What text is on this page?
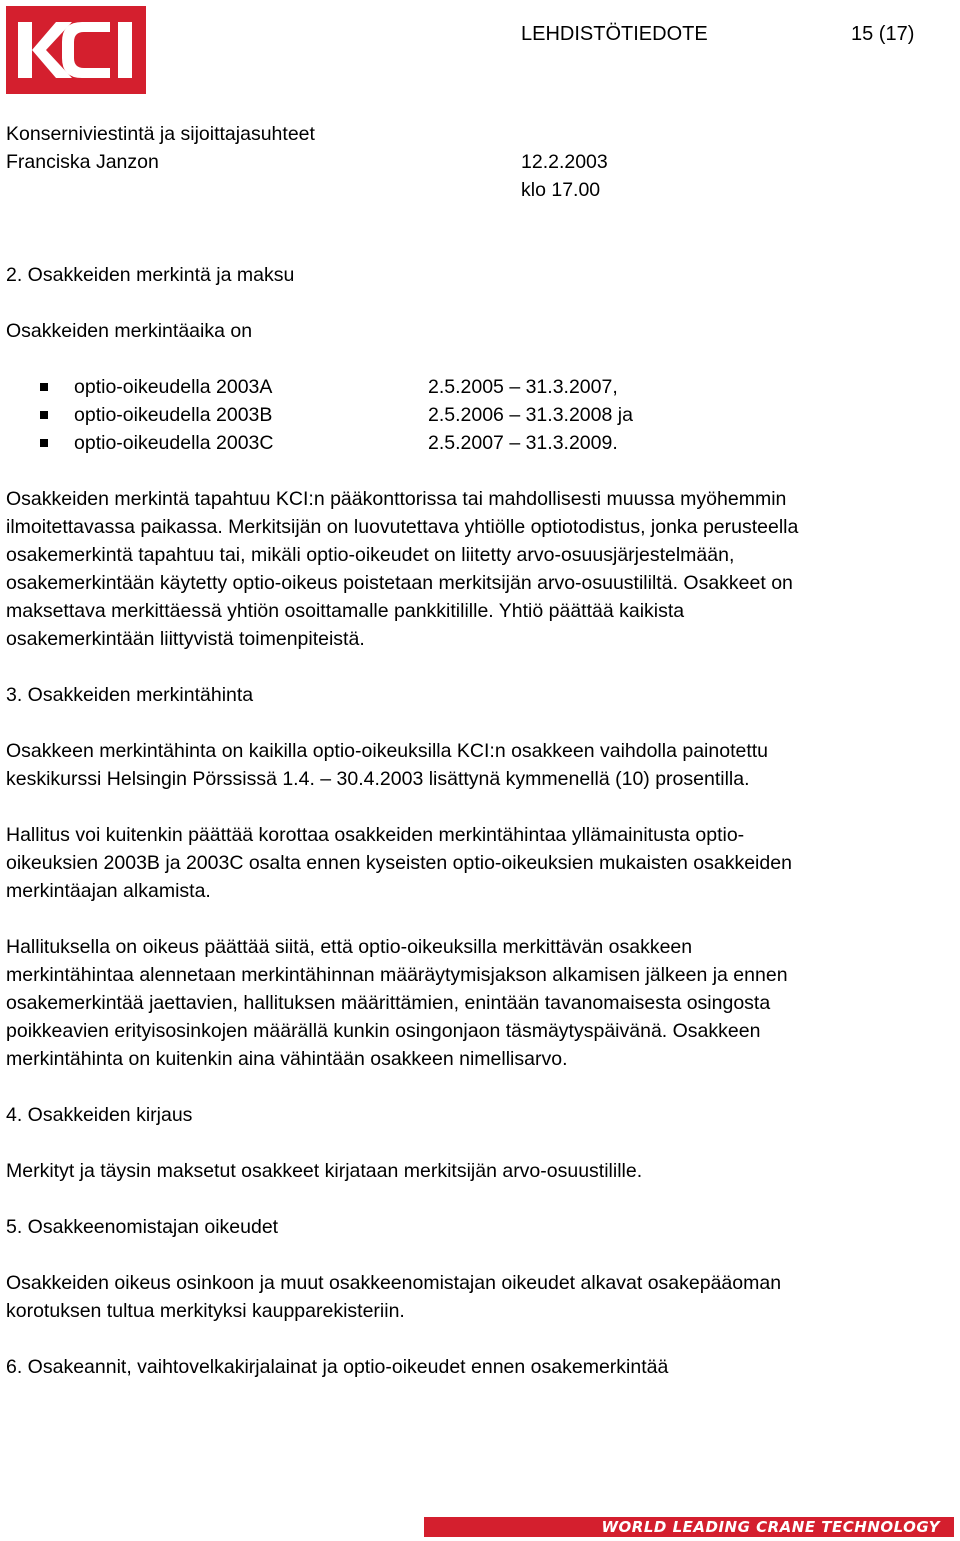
LEHDISTÖTIEDOTE	15 (17)
Konserniviestintä ja sijoittajasuhteet
Franciska Janzon	12.2.2003
klo 17.00
2. Osakkeiden merkintä ja maksu
Osakkeiden merkintäaika on
optio-oikeudella 2003A	2.5.2005 – 31.3.2007,
optio-oikeudella 2003B	2.5.2006 – 31.3.2008 ja
optio-oikeudella 2003C	2.5.2007 – 31.3.2009.
Osakkeiden merkintä tapahtuu KCI:n pääkonttorissa tai mahdollisesti muussa myöhemmin
ilmoitettavassa paikassa. Merkitsijän on luovutettava yhtiölle optiotodistus, jonka perusteella
osakemerkintä tapahtuu tai, mikäli optio-oikeudet on liitetty arvo-osuusjärjestelmään,
osakemerkintään käytetty optio-oikeus poistetaan merkitsijän arvo-osuustililtä. Osakkeet on
maksettava merkittäessä yhtiön osoittamalle pankkitilille. Yhtiö päättää kaikista
osakemerkintään liittyvistä toimenpiteistä.
3. Osakkeiden merkintähinta
Osakkeen merkintähinta on kaikilla optio-oikeuksilla KCI:n osakkeen vaihdolla painotettu
keskikurssi Helsingin Pörssissä 1.4. – 30.4.2003 lisättynä kymmenellä (10) prosentilla.
Hallitus voi kuitenkin päättää korottaa osakkeiden merkintähintaa yllämainitusta optio-
oikeuksien 2003B ja 2003C osalta ennen kyseisten optio-oikeuksien mukaisten osakkeiden
merkintäajan alkamista.
Hallituksella on oikeus päättää siitä, että optio-oikeuksilla merkittävän osakkeen
merkintähintaa alennetaan merkintähinnan määräytymisjakson alkamisen jälkeen ja ennen
osakemerkintää jaettavien, hallituksen määrittämien, enintään tavanomaisesta osingosta
poikkeavien erityisosinkojen määrällä kunkin osingonjaon täsmäytyspäivänä. Osakkeen
merkintähinta on kuitenkin aina vähintään osakkeen nimellisarvo.
4. Osakkeiden kirjaus
Merkityt ja täysin maksetut osakkeet kirjataan merkitsijän arvo-osuustilille.
5. Osakkeenomistajan oikeudet
Osakkeiden oikeus osinkoon ja muut osakkeenomistajan oikeudet alkavat osakepääoman
korotuksen tultua merkityksi kaupparekisteriin.
6. Osakeannit, vaihtovelkakirjalainat ja optio-oikeudet ennen osakemerkintää
WORLD LEADING CRANE TECHNOLOGY
